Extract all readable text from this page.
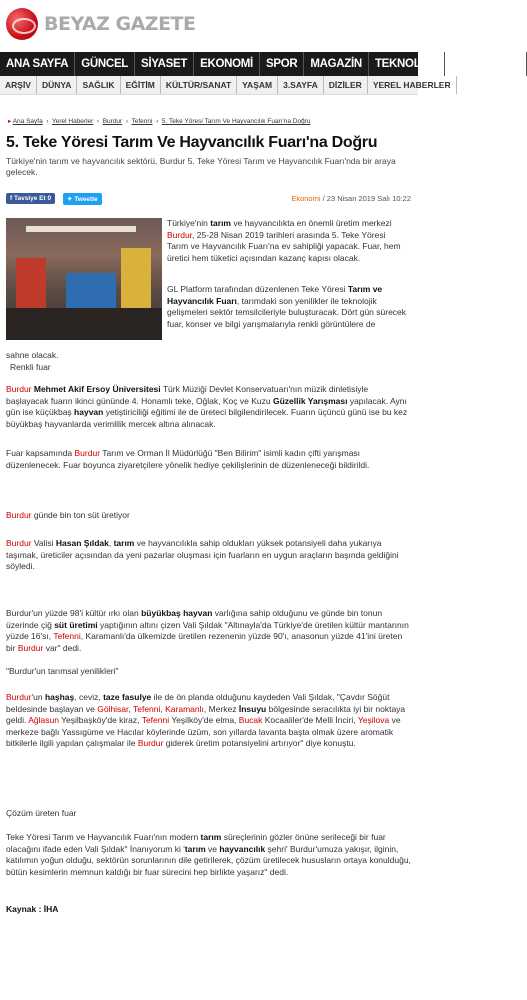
BEYAZ GAZETE
ANA SAYFA	GÜNCEL	SİYASET	EKONOMİ	SPOR	MAGAZİN	TEKNOLOJİ	TELEVİZYON
ARŞİV	DÜNYA	SAĞLIK	EĞİTİM	KÜLTÜR/SANAT	YAŞAM	3.SAYFA	DİZİLER	YEREL HABERLER
▸ Ana Sayfa  ›  Yerel Haberler  ›  Burdur  ›  Tefenni  ›  5. Teke Yöresi Tarım Ve Hayvancılık Fuarı'na Doğru
5. Teke Yöresi Tarım Ve Hayvancılık Fuarı'na Doğru
Türkiye'nin tarım ve hayvancılık sektörü, Burdur 5. Teke Yöresi Tarım ve Hayvancılık Fuarı'nda bir araya gelecek.
f Tavsiye Et 0	✦ Tweetle	Ekonomi / 23 Nisan 2019 Salı 10:22
Türkiye'nin tarım ve hayvancılıkta en önemli üretim merkezi Burdur, 25-28 Nisan 2019 tarihleri arasında 5. Teke Yöresi Tarım ve Hayvancılık Fuarı'na ev sahipliği yapacak. Fuar, hem üretici hem tüketici açısından kazanç kapısı olacak.
GL Platform tarafından düzenlenen Teke Yöresi Tarım ve Hayvancılık Fuarı, tarımdaki son yenilikler ile teknolojik gelişmeleri sektör temsilcileriyle buluşturacak. Dört gün sürecek fuar, konser ve bilgi yarışmalarıyla renkli görüntülere de
sahne olacak.
Renkli fuar
Burdur Mehmet Akif Ersoy Üniversitesi Türk Müziği Devlet Konservatuarı'nın müzik dinletisiyle başlayacak fuarın ikinci gününde 4. Honamlı teke, Oğlak, Koç ve Kuzu Güzellik Yarışması yapılacak. Aynı gün ise küçükbaş hayvan yetiştiriciliği eğitimi ile de üreteci bilgilendirilecek. Fuarın üçüncü günü ise bu kez büyükbaş hayvanlarda verimlilik mercek altına alınacak.
Fuar kapsamında Burdur Tarım ve Orman İl Müdürlüğü "Ben Bilirim" isimli kadın çifti yarışması düzenlenecek. Fuar boyunca ziyaretçilere yönelik hediye çekilişlerinin de düzenleneceği bildirildi.
Burdur günde bin ton süt üretiyor
Burdur Valisi Hasan Şıldak, tarım ve hayvancılıkla sahip oldukları yüksek potansiyeli daha yukarıya taşımak, üreticiler açısından da yeni pazarlar oluşması için fuarların en uygun araçların başında geldiğini söyledi.
Burdur'un yüzde 98'i kültür ırkı olan büyükbaş hayvan varlığına sahip olduğunu ve günde bin tonun üzerinde çiğ süt üretimi yaptığının altını çizen Vali Şıldak "Altınayla'da Türkiye'de üretilen kültür mantarının yüzde 16'sı, Tefenni, Karamanlı'da ülkemizde üretilen rezenenin yüzde 90'ı, anasonun yüzde 41'ini üreten bir Burdur var" dedi.
"Burdur'un tarımsal yenilikleri"
Burdur'un haşhaş, ceviz, taze fasulye ile de ön planda olduğunu kaydeden Vali Şıldak, "Çavdır Söğüt beldesinde başlayan ve Gölhisar, Tefenni, Karamanlı, Merkez İnsuyu bölgesinde seracılıkta iyi bir noktaya geldi. Ağlasun Yeşilbaşköy'de kiraz, Tefenni Yeşilköy'de elma, Bucak Kocaaliler'de Melli İnciri, Yeşilova ve merkeze bağlı Yassıgüme ve Hacılar köylerinde üzüm, son yıllarda lavanta başta olmak üzere aromatik bitkilerle ilgili yapılan çalışmalar ile Burdur giderek üretim potansiyelini artırıyor" diye konuştu.
Çözüm üreten fuar
Teke Yöresi Tarım ve Hayvancılık Fuarı'nın modern tarım süreçlerinin gözler önüne serileceği bir fuar olacağını ifade eden Vali Şıldak" İnanıyorum ki 'tarım ve hayvancılık şehri' Burdur'umuza yakışır, ilginin, katılımın yoğun olduğu, sektörün sorunlarının dile getirilerek, çözüm üretilecek hususların ortaya konulduğu, bütün kesimlerin memnun kaldığı bir fuar sürecini hep birlikte yaşarız" dedi.
Kaynak : İHA
